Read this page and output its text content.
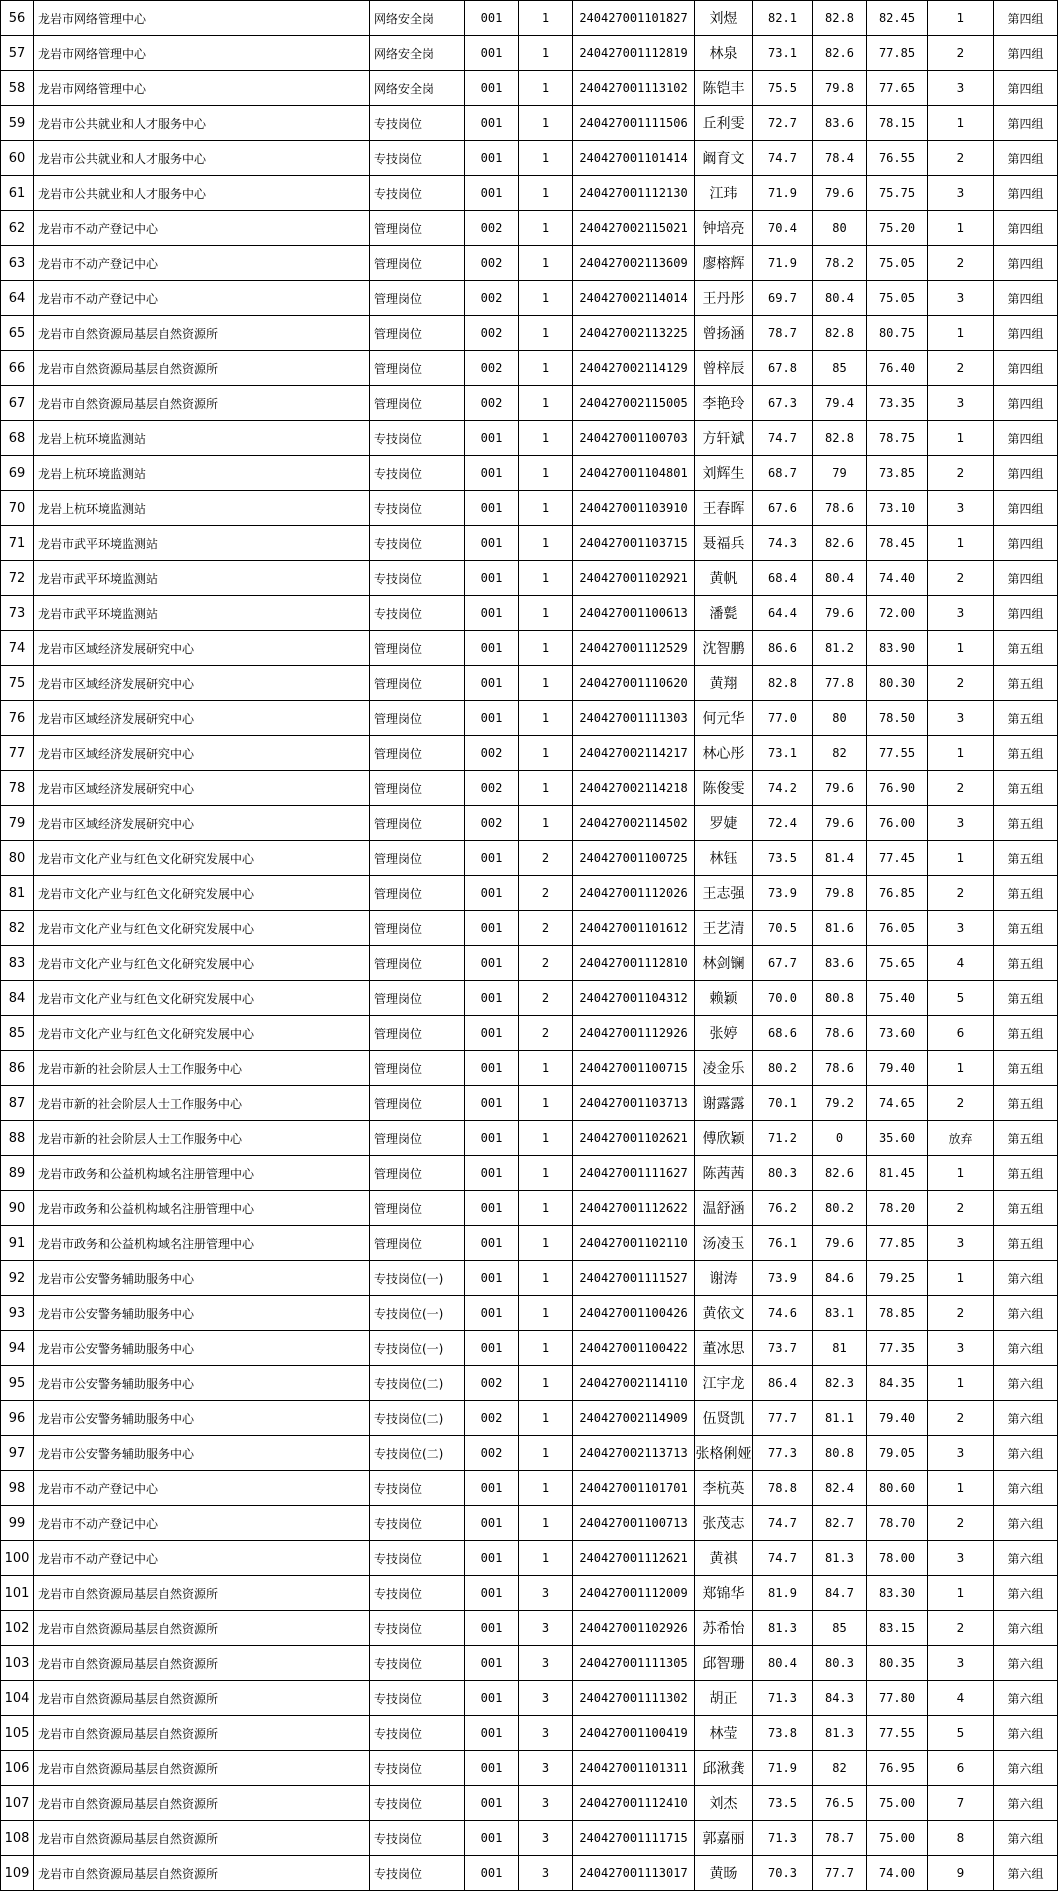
56	龙岩市网络管理中心	网络安全岗	001	1	240427001101827	刘煜	82.1	82.8	82.45	1	第四组
57	龙岩市网络管理中心	网络安全岗	001	1	240427001112819	林泉	73.1	82.6	77.85	2	第四组
58	龙岩市网络管理中心	网络安全岗	001	1	240427001113102	陈铠丰	75.5	79.8	77.65	3	第四组
59	龙岩市公共就业和人才服务中心	专技岗位	001	1	240427001111506	丘利雯	72.7	83.6	78.15	1	第四组
60	龙岩市公共就业和人才服务中心	专技岗位	001	1	240427001101414	阚育文	74.7	78.4	76.55	2	第四组
61	龙岩市公共就业和人才服务中心	专技岗位	001	1	240427001112130	江玮	71.9	79.6	75.75	3	第四组
62	龙岩市不动产登记中心	管理岗位	002	1	240427002115021	钟培亮	70.4	80	75.20	1	第四组
63	龙岩市不动产登记中心	管理岗位	002	1	240427002113609	廖榕辉	71.9	78.2	75.05	2	第四组
64	龙岩市不动产登记中心	管理岗位	002	1	240427002114014	王丹彤	69.7	80.4	75.05	3	第四组
65	龙岩市自然资源局基层自然资源所	管理岗位	002	1	240427002113225	曾扬涵	78.7	82.8	80.75	1	第四组
66	龙岩市自然资源局基层自然资源所	管理岗位	002	1	240427002114129	曾梓辰	67.8	85	76.40	2	第四组
67	龙岩市自然资源局基层自然资源所	管理岗位	002	1	240427002115005	李艳玲	67.3	79.4	73.35	3	第四组
68	龙岩上杭环境监测站	专技岗位	001	1	240427001100703	方轩斌	74.7	82.8	78.75	1	第四组
69	龙岩上杭环境监测站	专技岗位	001	1	240427001104801	刘辉生	68.7	79	73.85	2	第四组
70	龙岩上杭环境监测站	专技岗位	001	1	240427001103910	王春晖	67.6	78.6	73.10	3	第四组
71	龙岩市武平环境监测站	专技岗位	001	1	240427001103715	聂福兵	74.3	82.6	78.45	1	第四组
72	龙岩市武平环境监测站	专技岗位	001	1	240427001102921	黄帆	68.4	80.4	74.40	2	第四组
73	龙岩市武平环境监测站	专技岗位	001	1	240427001100613	潘甏	64.4	79.6	72.00	3	第四组
74	龙岩市区域经济发展研究中心	管理岗位	001	1	240427001112529	沈智鹏	86.6	81.2	83.90	1	第五组
75	龙岩市区域经济发展研究中心	管理岗位	001	1	240427001110620	黄翔	82.8	77.8	80.30	2	第五组
76	龙岩市区域经济发展研究中心	管理岗位	001	1	240427001111303	何元华	77.0	80	78.50	3	第五组
77	龙岩市区域经济发展研究中心	管理岗位	002	1	240427002114217	林心彤	73.1	82	77.55	1	第五组
78	龙岩市区域经济发展研究中心	管理岗位	002	1	240427002114218	陈俊雯	74.2	79.6	76.90	2	第五组
79	龙岩市区域经济发展研究中心	管理岗位	002	1	240427002114502	罗婕	72.4	79.6	76.00	3	第五组
80	龙岩市文化产业与红色文化研究发展中心	管理岗位	001	2	240427001100725	林钰	73.5	81.4	77.45	1	第五组
81	龙岩市文化产业与红色文化研究发展中心	管理岗位	001	2	240427001112026	王志强	73.9	79.8	76.85	2	第五组
82	龙岩市文化产业与红色文化研究发展中心	管理岗位	001	2	240427001101612	王艺清	70.5	81.6	76.05	3	第五组
83	龙岩市文化产业与红色文化研究发展中心	管理岗位	001	2	240427001112810	林剑镧	67.7	83.6	75.65	4	第五组
84	龙岩市文化产业与红色文化研究发展中心	管理岗位	001	2	240427001104312	赖颖	70.0	80.8	75.40	5	第五组
85	龙岩市文化产业与红色文化研究发展中心	管理岗位	001	2	240427001112926	张婷	68.6	78.6	73.60	6	第五组
86	龙岩市新的社会阶层人士工作服务中心	管理岗位	001	1	240427001100715	凌金乐	80.2	78.6	79.40	1	第五组
87	龙岩市新的社会阶层人士工作服务中心	管理岗位	001	1	240427001103713	谢露露	70.1	79.2	74.65	2	第五组
88	龙岩市新的社会阶层人士工作服务中心	管理岗位	001	1	240427001102621	傅欣颖	71.2	0	35.60	放弃	第五组
89	龙岩市政务和公益机构域名注册管理中心	管理岗位	001	1	240427001111627	陈茜茜	80.3	82.6	81.45	1	第五组
90	龙岩市政务和公益机构域名注册管理中心	管理岗位	001	1	240427001112622	温舒涵	76.2	80.2	78.20	2	第五组
91	龙岩市政务和公益机构域名注册管理中心	管理岗位	001	1	240427001102110	汤凌玉	76.1	79.6	77.85	3	第五组
92	龙岩市公安警务辅助服务中心	专技岗位(一)	001	1	240427001111527	谢涛	73.9	84.6	79.25	1	第六组
93	龙岩市公安警务辅助服务中心	专技岗位(一)	001	1	240427001100426	黄依文	74.6	83.1	78.85	2	第六组
94	龙岩市公安警务辅助服务中心	专技岗位(一)	001	1	240427001100422	董冰思	73.7	81	77.35	3	第六组
95	龙岩市公安警务辅助服务中心	专技岗位(二)	002	1	240427002114110	江宇龙	86.4	82.3	84.35	1	第六组
96	龙岩市公安警务辅助服务中心	专技岗位(二)	002	1	240427002114909	伍贤凯	77.7	81.1	79.40	2	第六组
97	龙岩市公安警务辅助服务中心	专技岗位(二)	002	1	240427002113713	张格俐娅	77.3	80.8	79.05	3	第六组
98	龙岩市不动产登记中心	专技岗位	001	1	240427001101701	李杭英	78.8	82.4	80.60	1	第六组
99	龙岩市不动产登记中心	专技岗位	001	1	240427001100713	张茂志	74.7	82.7	78.70	2	第六组
100	龙岩市不动产登记中心	专技岗位	001	1	240427001112621	黄祺	74.7	81.3	78.00	3	第六组
101	龙岩市自然资源局基层自然资源所	专技岗位	001	3	240427001112009	郑锦华	81.9	84.7	83.30	1	第六组
102	龙岩市自然资源局基层自然资源所	专技岗位	001	3	240427001102926	苏希怡	81.3	85	83.15	2	第六组
103	龙岩市自然资源局基层自然资源所	专技岗位	001	3	240427001111305	邱智珊	80.4	80.3	80.35	3	第六组
104	龙岩市自然资源局基层自然资源所	专技岗位	001	3	240427001111302	胡正	71.3	84.3	77.80	4	第六组
105	龙岩市自然资源局基层自然资源所	专技岗位	001	3	240427001100419	林莹	73.8	81.3	77.55	5	第六组
106	龙岩市自然资源局基层自然资源所	专技岗位	001	3	240427001101311	邱湫龚	71.9	82	76.95	6	第六组
107	龙岩市自然资源局基层自然资源所	专技岗位	001	3	240427001112410	刘杰	73.5	76.5	75.00	7	第六组
108	龙岩市自然资源局基层自然资源所	专技岗位	001	3	240427001111715	郭嘉丽	71.3	78.7	75.00	8	第六组
109	龙岩市自然资源局基层自然资源所	专技岗位	001	3	240427001113017	黄旸	70.3	77.7	74.00	9	第六组
